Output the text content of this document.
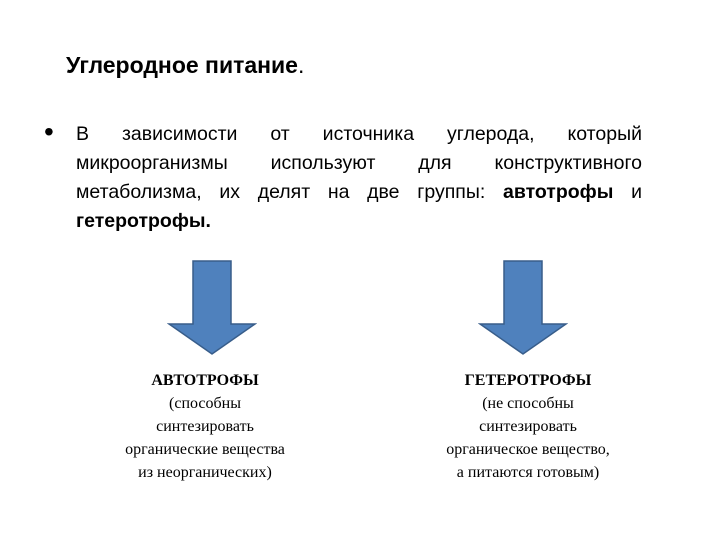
Углеродное питание.
• В зависимости от источника углерода, который микроорганизмы используют для конструктивного метаболизма, их делят на две группы: автотрофы и гетеротрофы.
АВТОТРОФЫ
(способны
синтезировать
органические вещества
из неорганических)
ГЕТЕРОТРОФЫ
(не способны
синтезировать
органическое вещество,
а питаются готовым)
